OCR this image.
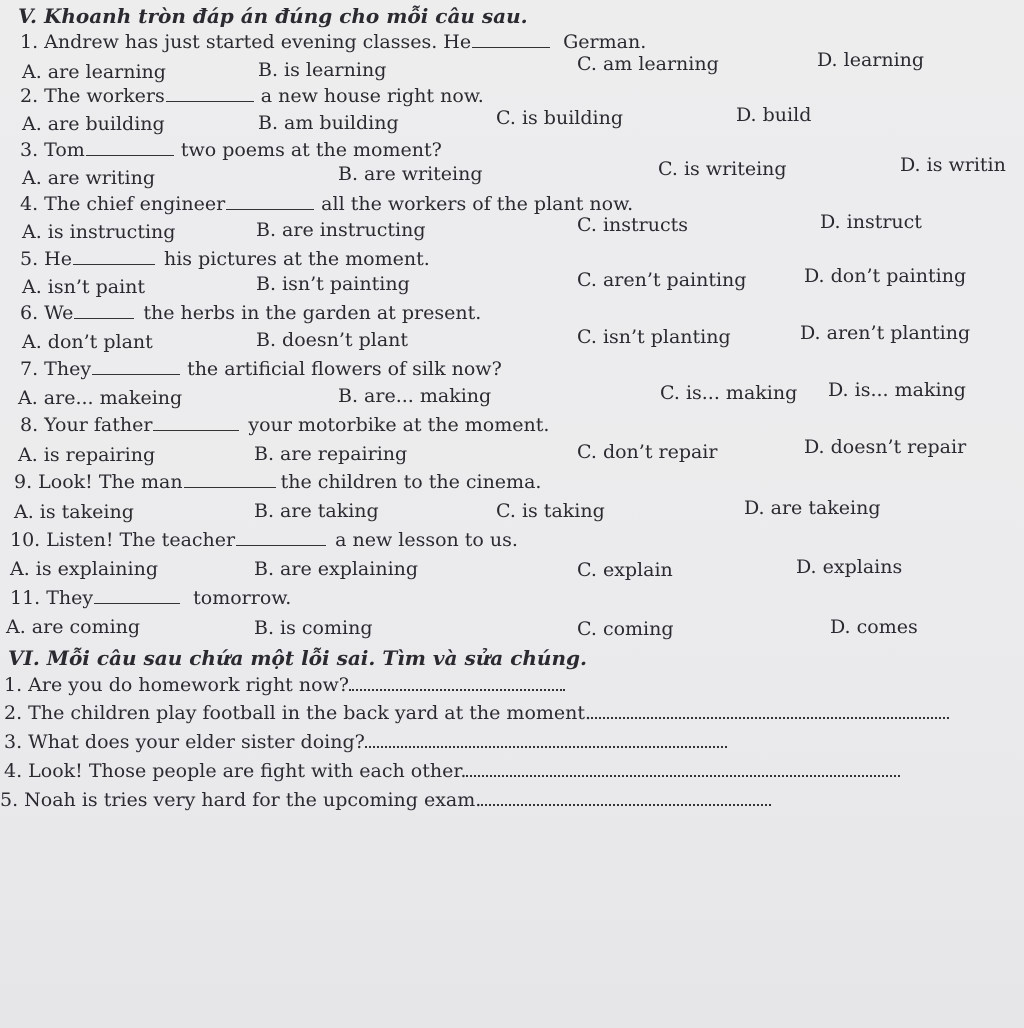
V. Khoanh tròn đáp án đúng cho mỗi câu sau.
1. Andrew has just started evening classes. He	German.
A. are learning	B. is learning	C. am learning	D. learning
2. The workers	a new house right now.
A. are building	B. am building	C. is building	D. build
3. Tom	two poems at the moment?
A. are writing	B. are writeing	C. is writeing	D. is writin
4. The chief engineer	all the workers of the plant now.
A. is instructing	B. are instructing	C. instructs	D. instruct
5. He	his pictures at the moment.
A. isn’t paint	B. isn’t painting	C. aren’t painting	D. don’t painting
6. We	the herbs in the garden at present.
A. don’t plant	B. doesn’t plant	C. isn’t planting	D. aren’t planting
7. They	the artificial flowers of silk now?
A. are... makeing	B. are... making	C. is... making D. is... making
8. Your father	your motorbike at the moment.
A. is repairing	B. are repairing	C. don’t repair	D. doesn’t repair
9. Look! The man	the children to the cinema.
A. is takeing	B. are taking	C. is taking	D. are takeing
10. Listen! The teacher	a new lesson to us.
A. is explaining	B. are explaining	C. explain	D. explains
11. They	tomorrow.
A. are coming	B. is coming	C. coming	D. comes
VI. Mỗi câu sau chứa một lỗi sai. Tìm và sửa chúng.
1. Are you do homework right now?
2. The children play football in the back yard at the moment.
3. What does your elder sister doing?
4. Look! Those people are fight with each other.
5. Noah is tries very hard for the upcoming exam.
